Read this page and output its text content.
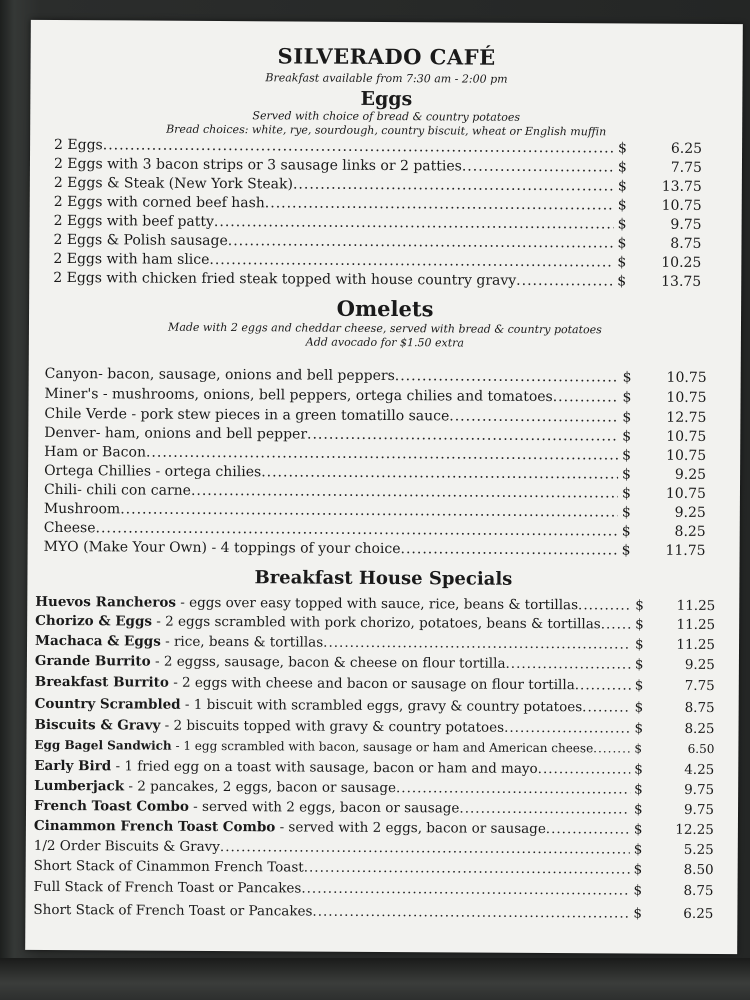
SILVERADO CAFÉ
Breakfast available from 7:30 am - 2:00 pm
Eggs
Served with choice of bread & country potatoes
Bread choices: white, rye, sourdough, country biscuit, wheat or English muffin
2 Eggs .....	$	6.25
2 Eggs with 3 bacon strips or 3 sausage links or 2 patties .....	$	7.75
2 Eggs & Steak (New York Steak) .....	$	13.75
2 Eggs with corned beef hash .....	$	10.75
2 Eggs with beef patty .....	$	9.75
2 Eggs & Polish sausage .....	$	8.75
2 Eggs with ham slice .....	$	10.25
2 Eggs with chicken fried steak topped with house country gravy .....	$	13.75
Omelets
Made with 2 eggs and cheddar cheese, served with bread & country potatoes
Add avocado for $1.50 extra
Canyon- bacon, sausage, onions and bell peppers .....	$	10.75
Miner's - mushrooms, onions, bell peppers, ortega chilies and tomatoes .....	$	10.75
Chile Verde - pork stew pieces in a green tomatillo sauce .....	$	12.75
Denver- ham, onions and bell pepper .....	$	10.75
Ham or Bacon .....	$	10.75
Ortega Chillies - ortega chilies .....	$	9.25
Chili- chili con carne .....	$	10.75
Mushroom .....	$	9.25
Cheese .....	$	8.25
MYO (Make Your Own) - 4 toppings of your choice .....	$	11.75
Breakfast House Specials
Huevos Rancheros - eggs over easy topped with sauce, rice, beans & tortillas .....	$	11.25
Chorizo & Eggs - 2 eggs scrambled with pork chorizo, potatoes, beans & tortillas .....	$	11.25
Machaca & Eggs - rice, beans & tortillas .....	$	11.25
Grande Burrito - 2 eggss, sausage, bacon & cheese on flour tortilla .....	$	9.25
Breakfast Burrito - 2 eggs with cheese and bacon or sausage on flour tortilla .....	$	7.75
Country Scrambled - 1 biscuit with scrambled eggs, gravy & country potatoes .....	$	8.75
Biscuits & Gravy - 2 biscuits topped with gravy & country potatoes .....	$	8.25
Egg Bagel Sandwich - 1 egg scrambled with bacon, sausage or ham and American cheese .....	$	6.50
Early Bird - 1 fried egg on a toast with sausage, bacon or ham and mayo .....	$	4.25
Lumberjack - 2 pancakes, 2 eggs, bacon or sausage .....	$	9.75
French Toast Combo - served with 2 eggs, bacon or sausage .....	$	9.75
Cinammon French Toast Combo - served with 2 eggs, bacon or sausage .....	$	12.25
1/2 Order Biscuits & Gravy .....	$	5.25
Short Stack of Cinammon French Toast .....	$	8.50
Full Stack of French Toast or Pancakes .....	$	8.75
Short Stack of French Toast or Pancakes .....	$	6.25
